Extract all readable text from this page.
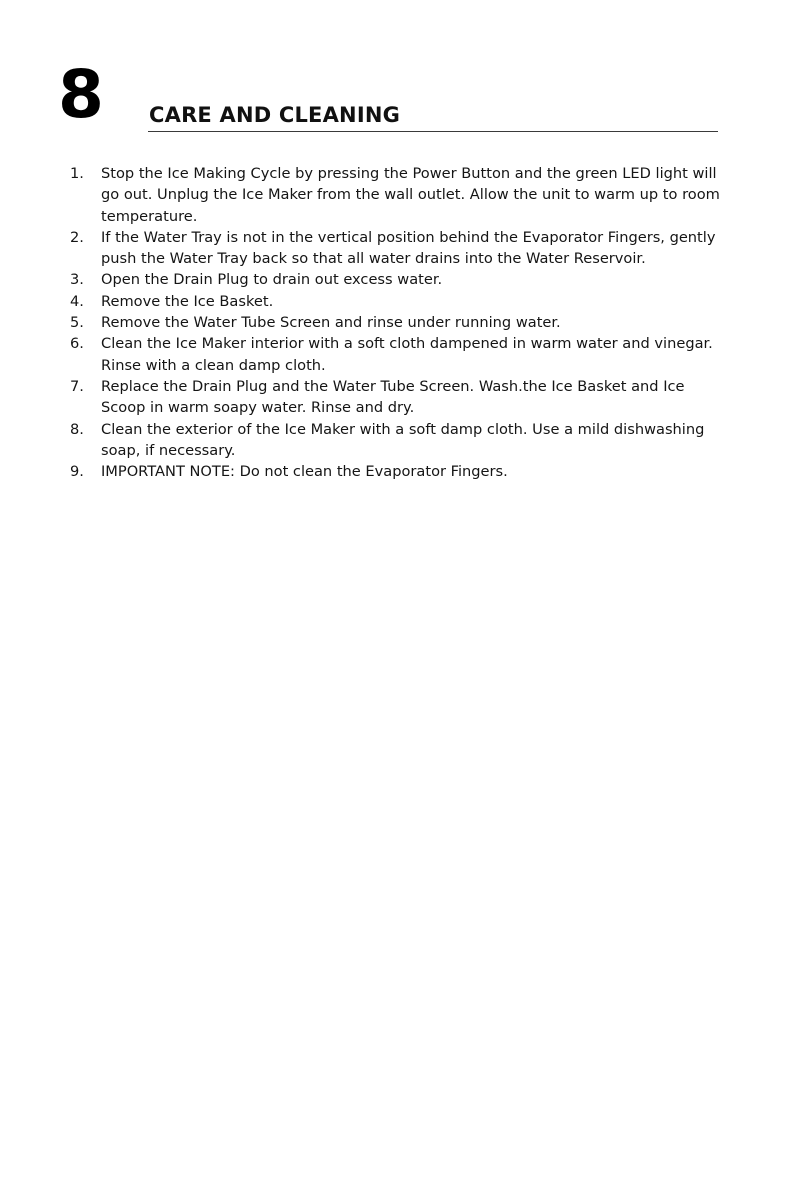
8 CARE AND CLEANING
1.	Stop the Ice Making Cycle by pressing the Power Button and the green LED light will go out. Unplug the Ice Maker from the wall outlet. Allow the unit to warm up to room temperature.
2.	If the Water Tray is not in the vertical position behind the Evaporator Fingers, gently push the Water Tray back so that all water drains into the Water Reservoir.
3.	Open the Drain Plug to drain out excess water.
4.	Remove the Ice Basket.
5.	Remove the Water Tube Screen and rinse under running water.
6.	Clean the Ice Maker interior with a soft cloth dampened in warm water and vinegar. Rinse with a clean damp cloth.
7.	Replace the Drain Plug and the Water Tube Screen. Wash.the Ice Basket and Ice Scoop in warm soapy water. Rinse and dry.
8.	Clean the exterior of the Ice Maker with a soft damp cloth. Use a mild dishwashing soap, if necessary.
9.	IMPORTANT NOTE: Do not clean the Evaporator Fingers.
